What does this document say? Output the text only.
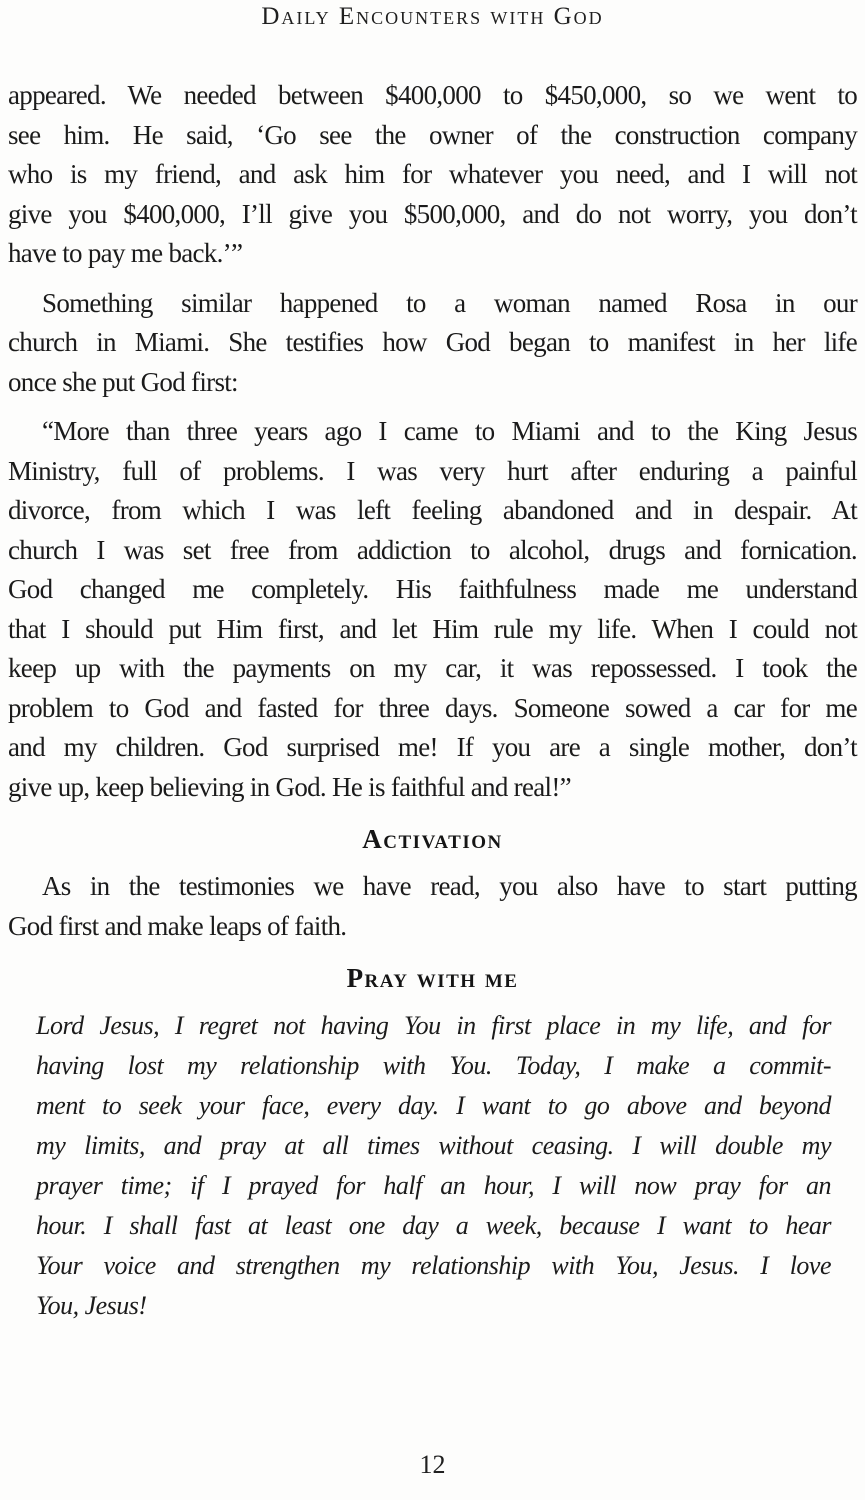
Daily Encounters with God
appeared. We needed between $400,000 to $450,000, so we went to
see him. He said, ‘Go see the owner of the construction company
who is my friend, and ask him for whatever you need, and I will not
give you $400,000, I’ll give you $500,000, and do not worry, you don’t
have to pay me back.’”
Something similar happened to a woman named Rosa in our
church in Miami. She testifies how God began to manifest in her life
once she put God first:
“More than three years ago I came to Miami and to the King Jesus
Ministry, full of problems. I was very hurt after enduring a painful
divorce, from which I was left feeling abandoned and in despair. At
church I was set free from addiction to alcohol, drugs and fornication.
God changed me completely. His faithfulness made me understand
that I should put Him first, and let Him rule my life. When I could not
keep up with the payments on my car, it was repossessed. I took the
problem to God and fasted for three days. Someone sowed a car for me
and my children. God surprised me! If you are a single mother, don’t
give up, keep believing in God. He is faithful and real!”
Activation
As in the testimonies we have read, you also have to start putting
God first and make leaps of faith.
Pray with me
Lord Jesus, I regret not having You in first place in my life, and for
having lost my relationship with You. Today, I make a commit-
ment to seek your face, every day. I want to go above and beyond
my limits, and pray at all times without ceasing. I will double my
prayer time; if I prayed for half an hour, I will now pray for an
hour. I shall fast at least one day a week, because I want to hear
Your voice and strengthen my relationship with You, Jesus. I love
You, Jesus!
12
